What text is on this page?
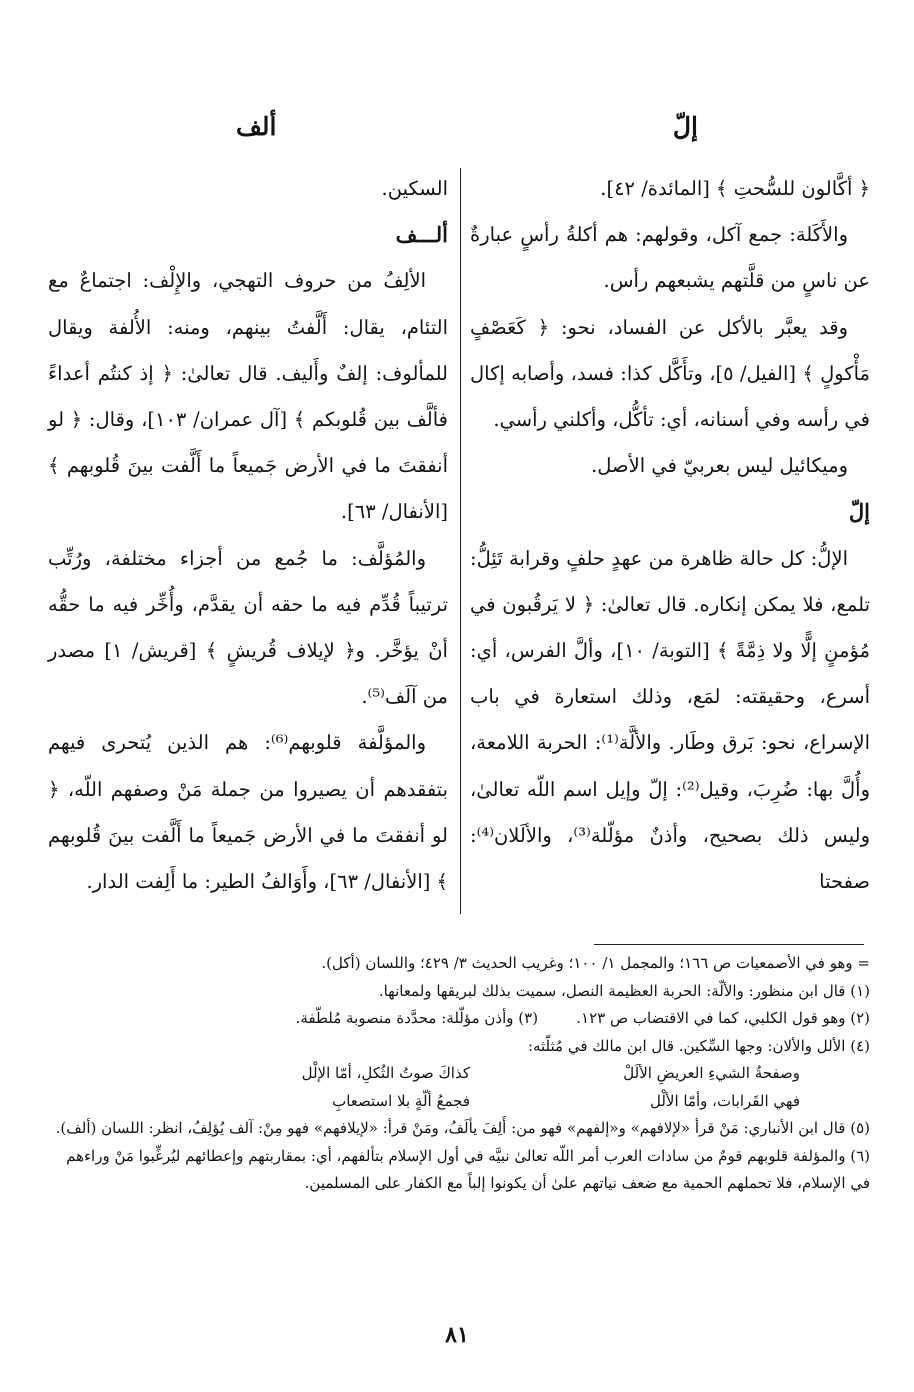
إلّ
ألف

﴿ أكَّالون للسُّحتِ ﴾ [المائدة/ ٤٢].

والأَكَلة: جمع آكل، وقولهم: هم أكلةُ رأسٍ عبارةٌ عن ناسٍ من قلَّتهم يشبعهم رأس.

وقد يعبَّر بالأكل عن الفساد، نحو: ﴿ كَعَصْفٍ مَأْكولٍ ﴾ [الفيل/ ٥]، وتأَكَّل كذا: فسد، وأصابه إكال في رأسه وفي أسنانه، أي: تأكُّل، وأكلني رأسي.

وميكائيل ليس بعربيّ في الأصل.

إلّ

الإلُّ: كل حالة ظاهرة من عهدٍ حلفٍ وقرابة تَئِلُّ: تلمع، فلا يمكن إنكاره. قال تعالىٰ: ﴿ لا يَرقُبون في مُؤمنٍ إلًّا ولا ذِمَّةً ﴾ [التوبة/ ١٠]، وألَّ الفرس، أي: أسرع، وحقيقته: لمَع، وذلك استعارة في باب الإسراع، نحو: بَرق وطَار. والألَّة⁽¹⁾: الحربة اللامعة، وأُلَّ بها: ضُرِبَ، وقيل⁽²⁾: إلّ وإيل اسم اللّه تعالىٰ، وليس ذلك بصحيح، وأذنٌ مؤلّلة⁽³⁾، والألَلان⁽⁴⁾: صفحتا

السكين.

ألـــف

الألِفُ من حروف التهجي، والإِلْف: اجتماعٌ مع التئام، يقال: أَلَّفتُ بينهم، ومنه: الأُلفة ويقال للمألوف: إلفٌ وأَليف. قال تعالىٰ: ﴿ إذ كنتُم أعداءً فألَّف بين قُلوبكم ﴾ [آل عمران/ ١٠٣]، وقال: ﴿ لو أنفقتَ ما في الأرض جَميعاً ما أَلَّفت بينَ قُلوبهم ﴾ [الأنفال/ ٦٣].

والمُؤلَّف: ما جُمع من أجزاء مختلفة، ورُتِّب ترتيباً قُدِّم فيه ما حقه أن يقدَّم، وأُخِّر فيه ما حقُّه أنْ يؤخَّر. و﴿ لإيلاف قُريشٍ ﴾ [قريش/ ١] مصدر من آلَف⁽⁵⁾.

والمؤلَّفة قلوبهم⁽⁶⁾: هم الذين يُتحرى فيهم بتفقدهم أن يصيروا من جملة مَنْ وصفهم اللّه، ﴿ لو أنفقتَ ما في الأرض جَميعاً ما أَلَّفت بينَ قُلوبهم ﴾ [الأنفال/ ٦٣]، وأَوَالفُ الطير: ما أَلِفت الدار.

= وهو في الأصمعيات ص ١٦٦؛ والمجمل ١/ ١٠٠؛ وغريب الحديث ٣/ ٤٢٩؛ واللسان (أكل).

(١) قال ابن منظور: والألّة: الحربة العظيمة النصل، سميت بذلك لبريقها ولمعانها.

(٢) وهو قول الكلبي، كما في الاقتضاب ص ١٢٣.        (٣) وأذن مؤلّلة: محدَّدة منصوبة مُلطّفة.

(٤) الألل والألان: وجها السِّكين. قال ابن مالك في مُثلّثه:

وصفحةُ الشيءِ العريضِ الألَلْ
كذاكَ صوتُ الثُكلِ، أمّا الإلْل
فهي القَرابات، وأمّا الألْل
فجمعُ ألّةٍ بلا استصعابِ

(٥) قال ابن الأنباري: مَنْ قرأ «لإلافهم» و«إلفهم» فهو من: أَلِفَ يألَفُ، ومَنْ قرأ: «لإيلافهم» فهو مِنْ: آلف يُؤلِفُ، انظر: اللسان (ألف).

(٦) والمؤلفة قلوبهم قومٌ من سادات العرب أمر اللّه تعالىٰ نبيَّه في أول الإسلام بتألفهم، أي: بمقاربتهم وإعطائهم ليُرغِّبوا مَنْ وراءهم في الإسلام، فلا تحملهم الحمية مع ضعف نياتهم علىٰ أن يكونوا إلباً مع الكفار على المسلمين.

٨١
